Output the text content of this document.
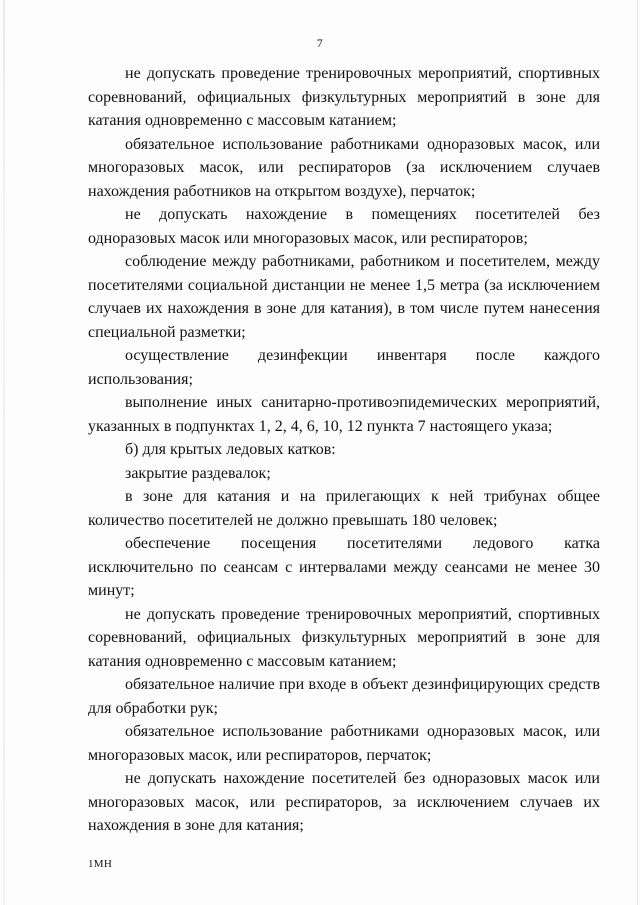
7

не допускать проведение тренировочных мероприятий, спортивных соревнований, официальных физкультурных мероприятий в зоне для катания одновременно с массовым катанием;

обязательное использование работниками одноразовых масок, или многоразовых масок, или респираторов (за исключением случаев нахождения работников на открытом воздухе), перчаток;

не допускать нахождение в помещениях посетителей без одноразовых масок или многоразовых масок, или респираторов;

соблюдение между работниками, работником и посетителем, между посетителями социальной дистанции не менее 1,5 метра (за исключением случаев их нахождения в зоне для катания), в том числе путем нанесения специальной разметки;

осуществление дезинфекции инвентаря после каждого использования;

выполнение иных санитарно-противоэпидемических мероприятий, указанных в подпунктах 1, 2, 4, 6, 10, 12 пункта 7 настоящего указа;

б) для крытых ледовых катков:

закрытие раздевалок;

в зоне для катания и на прилегающих к ней трибунах общее количество посетителей не должно превышать 180 человек;

обеспечение посещения посетителями ледового катка исключительно по сеансам с интервалами между сеансами не менее 30 минут;

не допускать проведение тренировочных мероприятий, спортивных соревнований, официальных физкультурных мероприятий в зоне для катания одновременно с массовым катанием;

обязательное наличие при входе в объект дезинфицирующих средств для обработки рук;

обязательное использование работниками одноразовых масок, или многоразовых масок, или респираторов, перчаток;

не допускать нахождение посетителей без одноразовых масок или многоразовых масок, или респираторов, за исключением случаев их нахождения в зоне для катания;

1МН
